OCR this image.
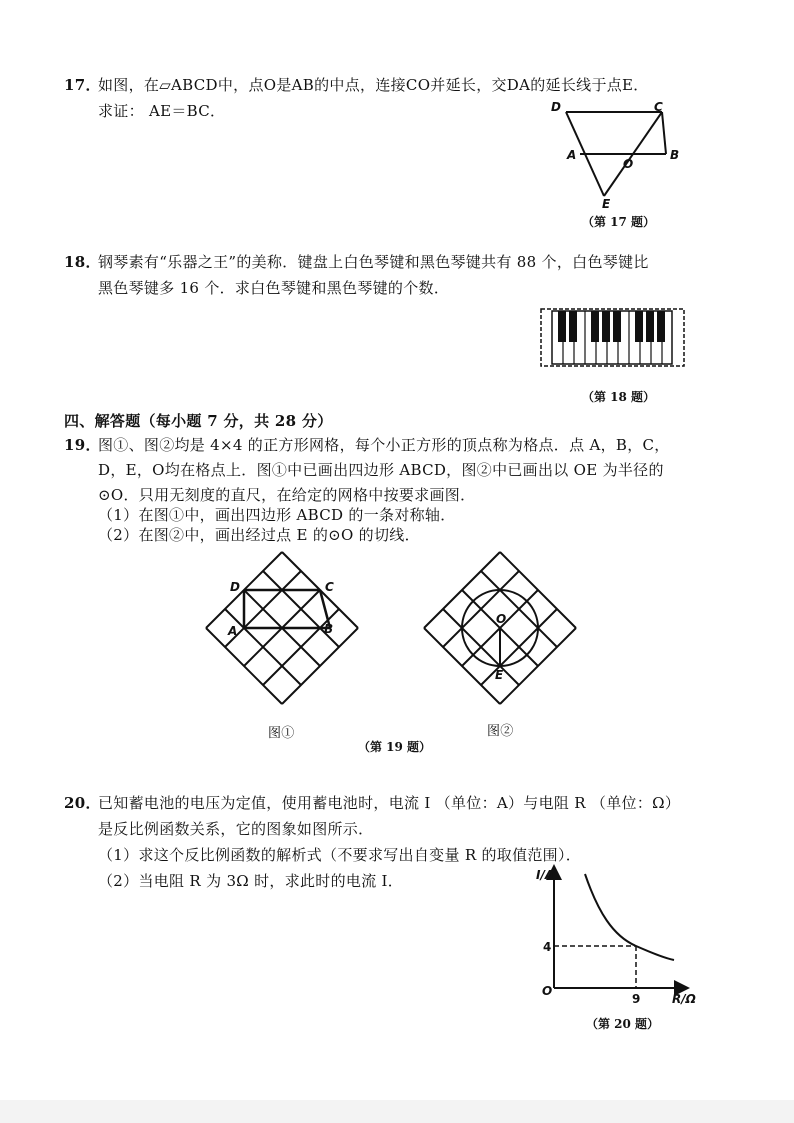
17．
如图，在▱ABCD中，点O是AB的中点，连接CO并延长，交DA的延长线于点E．
求证： AE＝BC．	D	C
A
O
B
E
（第 17 题）
18．
钢琴素有“乐器之王”的美称．键盘上白色琴键和黑色琴键共有 88 个，白色琴键比
黑色琴键多 16 个．求白色琴键和黑色琴键的个数．
（第 18 题）
四、解答题（每小题 7 分，共 28 分）
19．
图①、图②均是 4×4 的正方形网格，每个小正方形的顶点称为格点．点 A，B，C，
D，E，O均在格点上．图①中已画出四边形 ABCD，图②中已画出以 OE 为半径的
⊙O．只用无刻度的直尺，在给定的网格中按要求画图．
（1）在图①中，画出四边形 ABCD 的一条对称轴．
（2）在图②中，画出经过点 E 的⊙O 的切线．
D	C
A	B
O
E
图①	图②
（第 19 题）
20．
已知蓄电池的电压为定值，使用蓄电池时，电流 I （单位：A）与电阻 R （单位：Ω）
是反比例函数关系，它的图象如图所示．
（1）求这个反比例函数的解析式（不要求写出自变量 R 的取值范围）．
（2）当电阻 R 为 3Ω 时，求此时的电流 I．	I/A
R/Ω
O
4
9
（第 20 题）
